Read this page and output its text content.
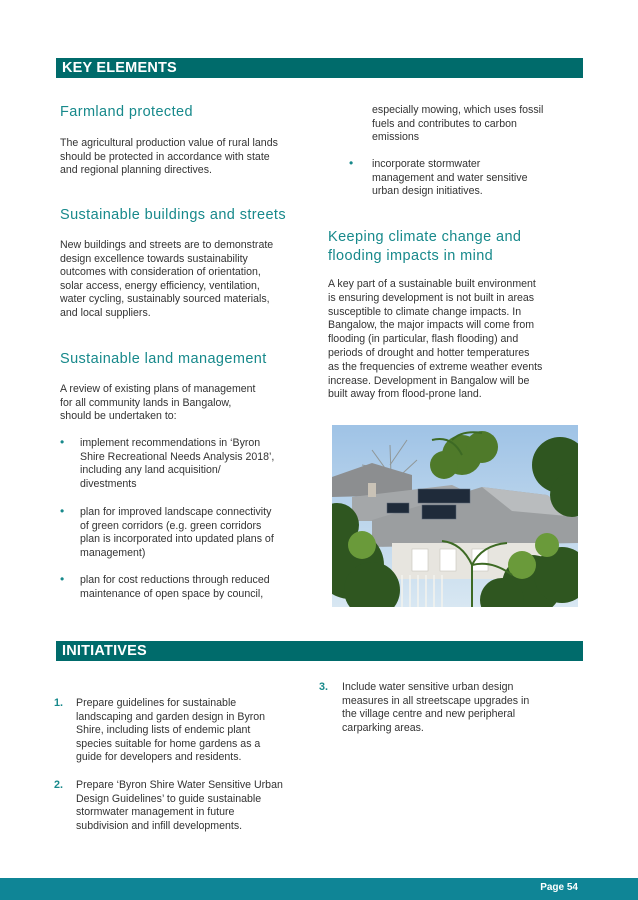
KEY ELEMENTS
Farmland protected
The agricultural production value of rural lands
should be protected in accordance with state
and regional planning directives.
Sustainable buildings and streets
New buildings and streets are to demonstrate
design excellence towards sustainability
outcomes with consideration of orientation,
solar access, energy efficiency, ventilation,
water cycling, sustainably sourced materials,
and local suppliers.
Sustainable land management
A review of existing plans of management
for all community lands in Bangalow,
should be undertaken to:
• implement recommendations in ‘Byron
Shire Recreational Needs Analysis 2018’,
including any land acquisition/
divestments
• plan for improved landscape connectivity
of green corridors (e.g. green corridors
plan is incorporated into updated plans of
management)
• plan for cost reductions through reduced
maintenance of open space by council,
especially mowing, which uses fossil
fuels and contributes to carbon
emissions
• incorporate stormwater
management and water sensitive
urban design initiatives.
Keeping climate change and
flooding impacts in mind
A key part of a sustainable built environment
is ensuring development is not built in areas
susceptible to climate change impacts. In
Bangalow, the major impacts will come from
flooding (in particular, flash flooding) and
periods of drought and hotter temperatures
as the frequencies of extreme weather events
increase. Development in Bangalow will be
built away from flood-prone land.
INITIATIVES
1. Prepare guidelines for sustainable
landscaping and garden design in Byron
Shire, including lists of endemic plant
species suitable for home gardens as a
guide for developers and residents.
2. Prepare ‘Byron Shire Water Sensitive Urban
Design Guidelines’ to guide sustainable
stormwater management in future
subdivision and infill developments.
3. Include water sensitive urban design
measures in all streetscape upgrades in
the village centre and new peripheral
carparking areas.
Page 54
